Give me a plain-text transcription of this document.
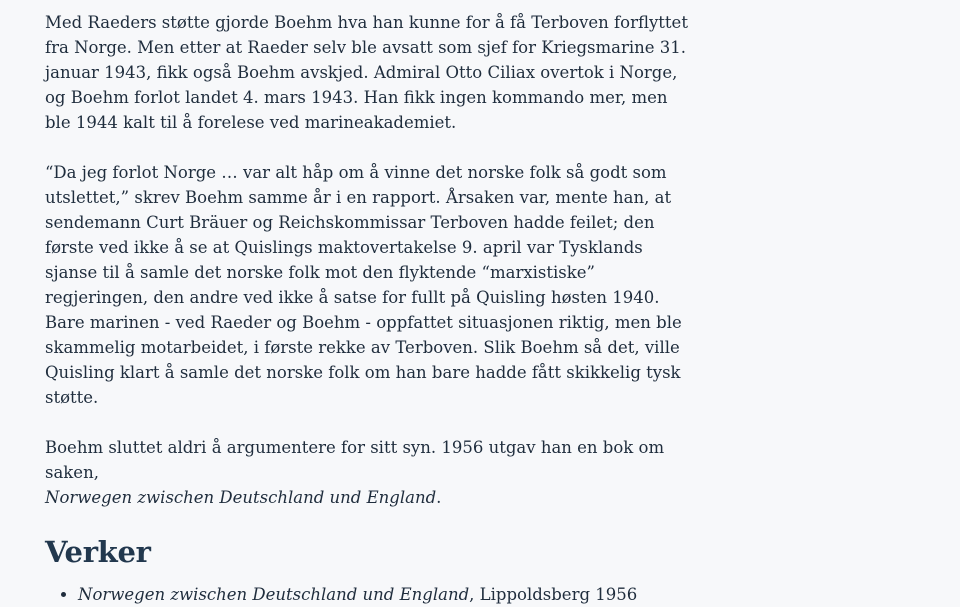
Med Raeders støtte gjorde Boehm hva han kunne for å få Terboven forflyttet fra Norge. Men etter at Raeder selv ble avsatt som sjef for Kriegsmarine 31. januar 1943, fikk også Boehm avskjed. Admiral Otto Ciliax overtok i Norge, og Boehm forlot landet 4. mars 1943. Han fikk ingen kommando mer, men ble 1944 kalt til å forelese ved marineakademiet.

“Da jeg forlot Norge … var alt håp om å vinne det norske folk så godt som utslettet,” skrev Boehm samme år i en rapport. Årsaken var, mente han, at sendemann Curt Bräuer og Reichskommissar Terboven hadde feilet; den første ved ikke å se at Quislings maktovertakelse 9. april var Tysklands sjanse til å samle det norske folk mot den flyktende “marxistiske” regjeringen, den andre ved ikke å satse for fullt på Quisling høsten 1940. Bare marinen - ved Raeder og Boehm - oppfattet situasjonen riktig, men ble skammelig motarbeidet, i første rekke av Terboven. Slik Boehm så det, ville Quisling klart å samle det norske folk om han bare hadde fått skikkelig tysk støtte.

Boehm sluttet aldri å argumentere for sitt syn. 1956 utgav han en bok om saken,
Norwegen zwischen Deutschland und England.

Verker
• Norwegen zwischen Deutschland und England, Lippoldsberg 1956
